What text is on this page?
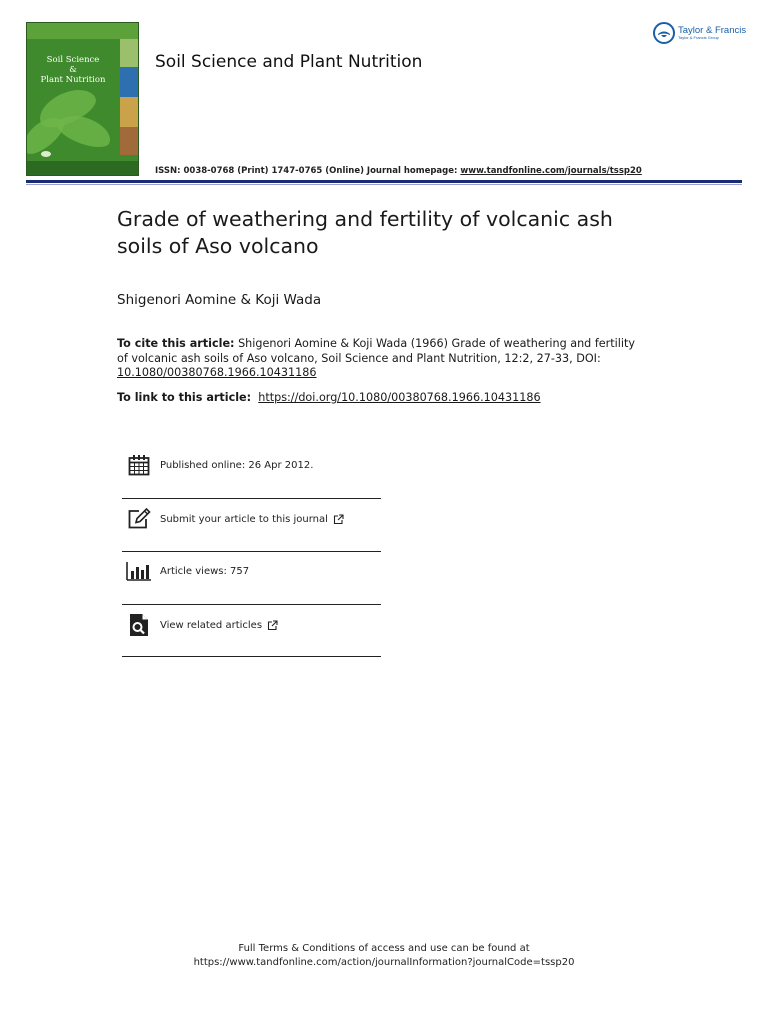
Soil Science
&
Plant Nutrition
Soil Science and Plant Nutrition
ISSN: 0038-0768 (Print) 1747-0765 (Online) Journal homepage: www.tandfonline.com/journals/tssp20
Taylor & Francis
Taylor & Francis Group
Grade of weathering and fertility of volcanic ash soils of Aso volcano
Shigenori Aomine & Koji Wada
To cite this article: Shigenori Aomine & Koji Wada (1966) Grade of weathering and fertility of volcanic ash soils of Aso volcano, Soil Science and Plant Nutrition, 12:2, 27-33, DOI:
10.1080/00380768.1966.10431186
To link to this article: https://doi.org/10.1080/00380768.1966.10431186
Published online: 26 Apr 2012.
Submit your article to this journal
Article views: 757
View related articles
Full Terms & Conditions of access and use can be found at
https://www.tandfonline.com/action/journalInformation?journalCode=tssp20
